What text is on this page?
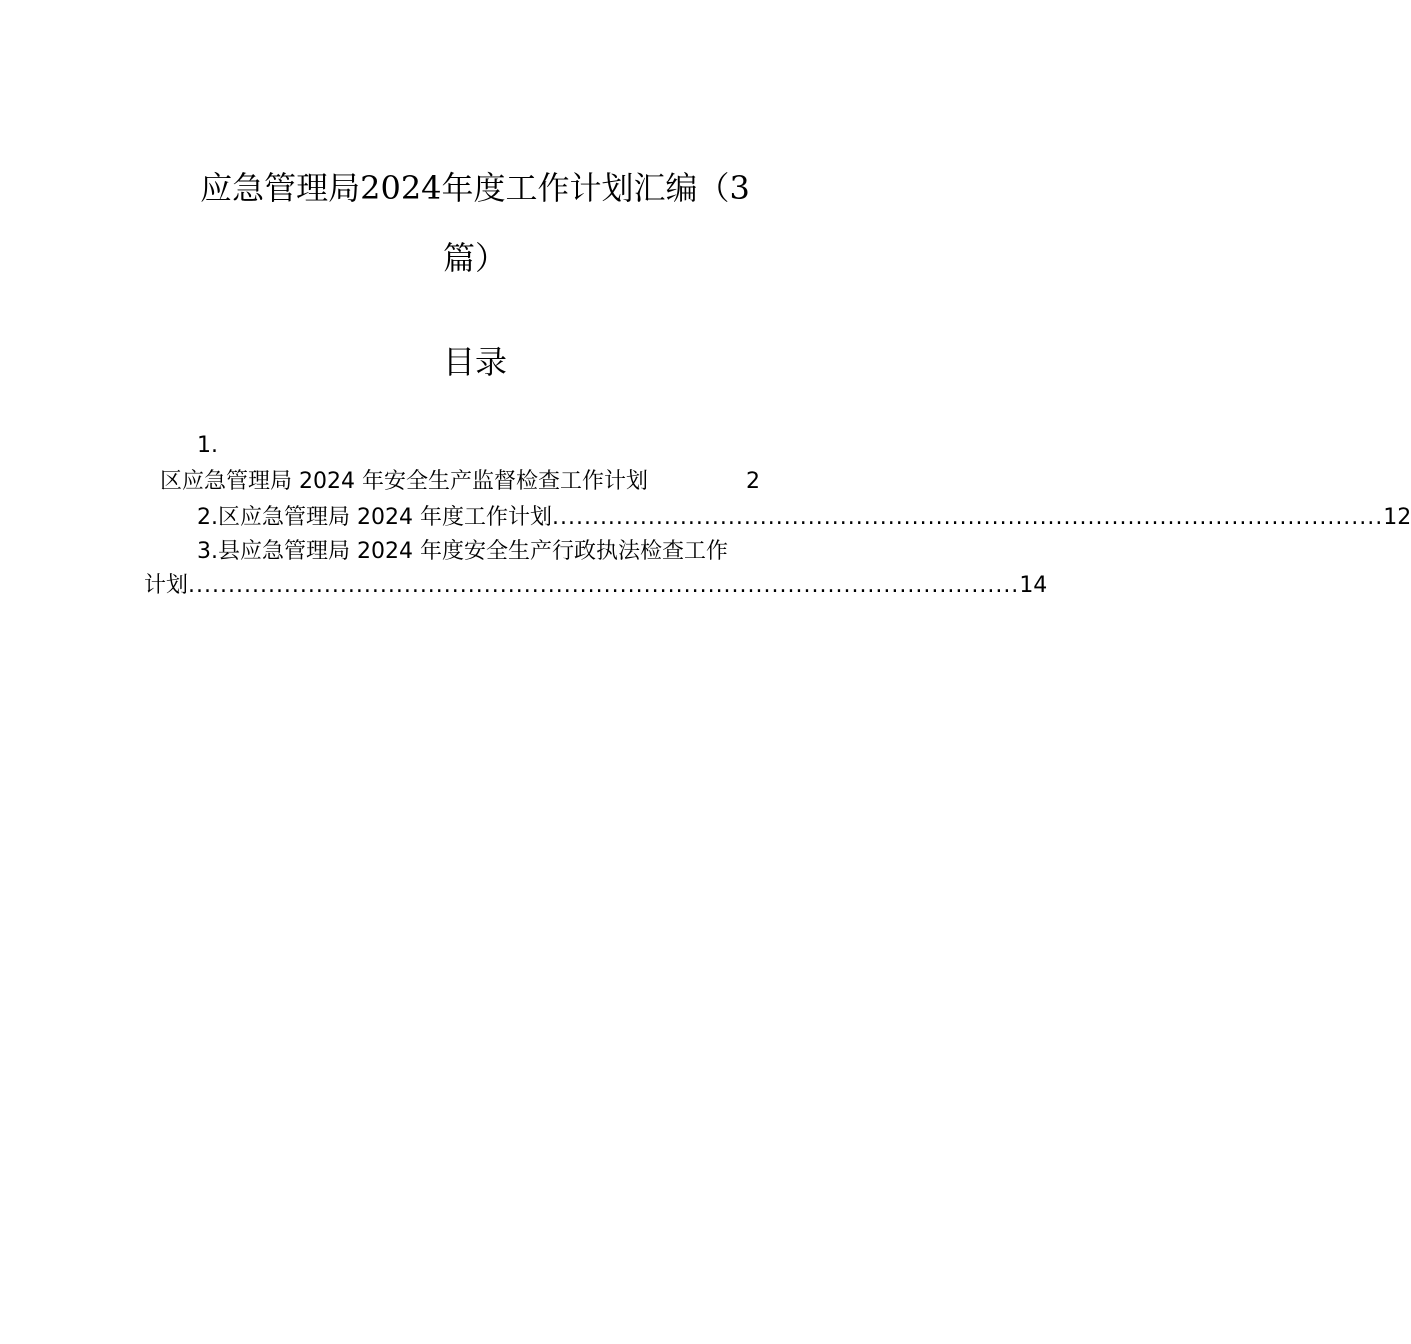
应急管理局2024年度工作计划汇编（3
篇）
目录
1.
区应急管理局 2024 年安全生产监督检查工作计划	2
2. 区应急管理局 2024 年度工作计划 ........................................................................................................ 12
3.县应急管理局 2024 年度安全生产行政执法检查工作
计划 ........................................................................................................ 14
